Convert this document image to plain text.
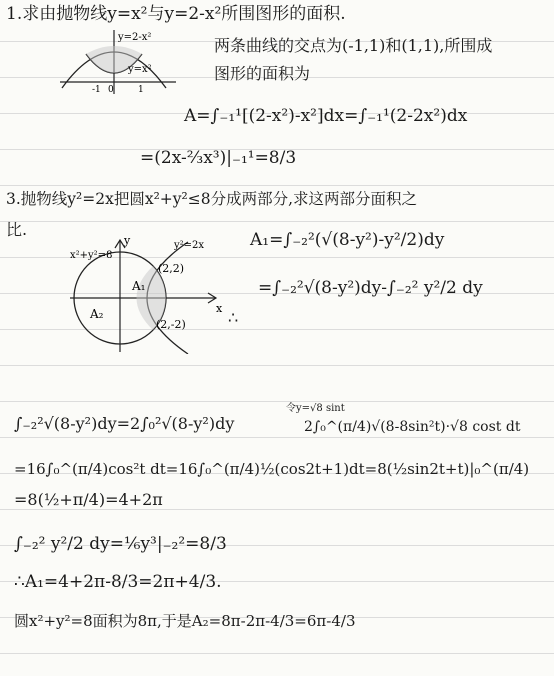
1.求由抛物线y=x²与y=2-x²所围图形的面积.
y=2-x²
y=x²
-1 0	1
两条曲线的交点为(-1,1)和(1,1),所围成
图形的面积为
A=∫₋₁¹[(2-x²)-x²]dx=∫₋₁¹(2-2x²)dx
=(2x-⅔x³)|₋₁¹=8/3
3.抛物线y²=2x把圆x²+y²≤8分成两部分,求这两部分面积之
比.
x²+y²=8
y²=2x
(2,2)
(2,-2)
A₁
A₂	x
y	A₁=∫₋₂²(√(8-y²)-y²/2)dy
=∫₋₂²√(8-y²)dy-∫₋₂² y²/2 dy
∴
∫₋₂²√(8-y²)dy=2∫₀²√(8-y²)dy
令y=√8 sint
2∫₀^(π/4)√(8-8sin²t)·√8 cost dt
=16∫₀^(π/4)cos²t dt=16∫₀^(π/4)½(cos2t+1)dt=8(½sin2t+t)|₀^(π/4)
=8(½+π/4)=4+2π
∫₋₂² y²/2 dy=⅙y³|₋₂²=8/3
∴A₁=4+2π-8/3=2π+4/3.
圆x²+y²=8面积为8π,于是A₂=8π-2π-4/3=6π-4/3
